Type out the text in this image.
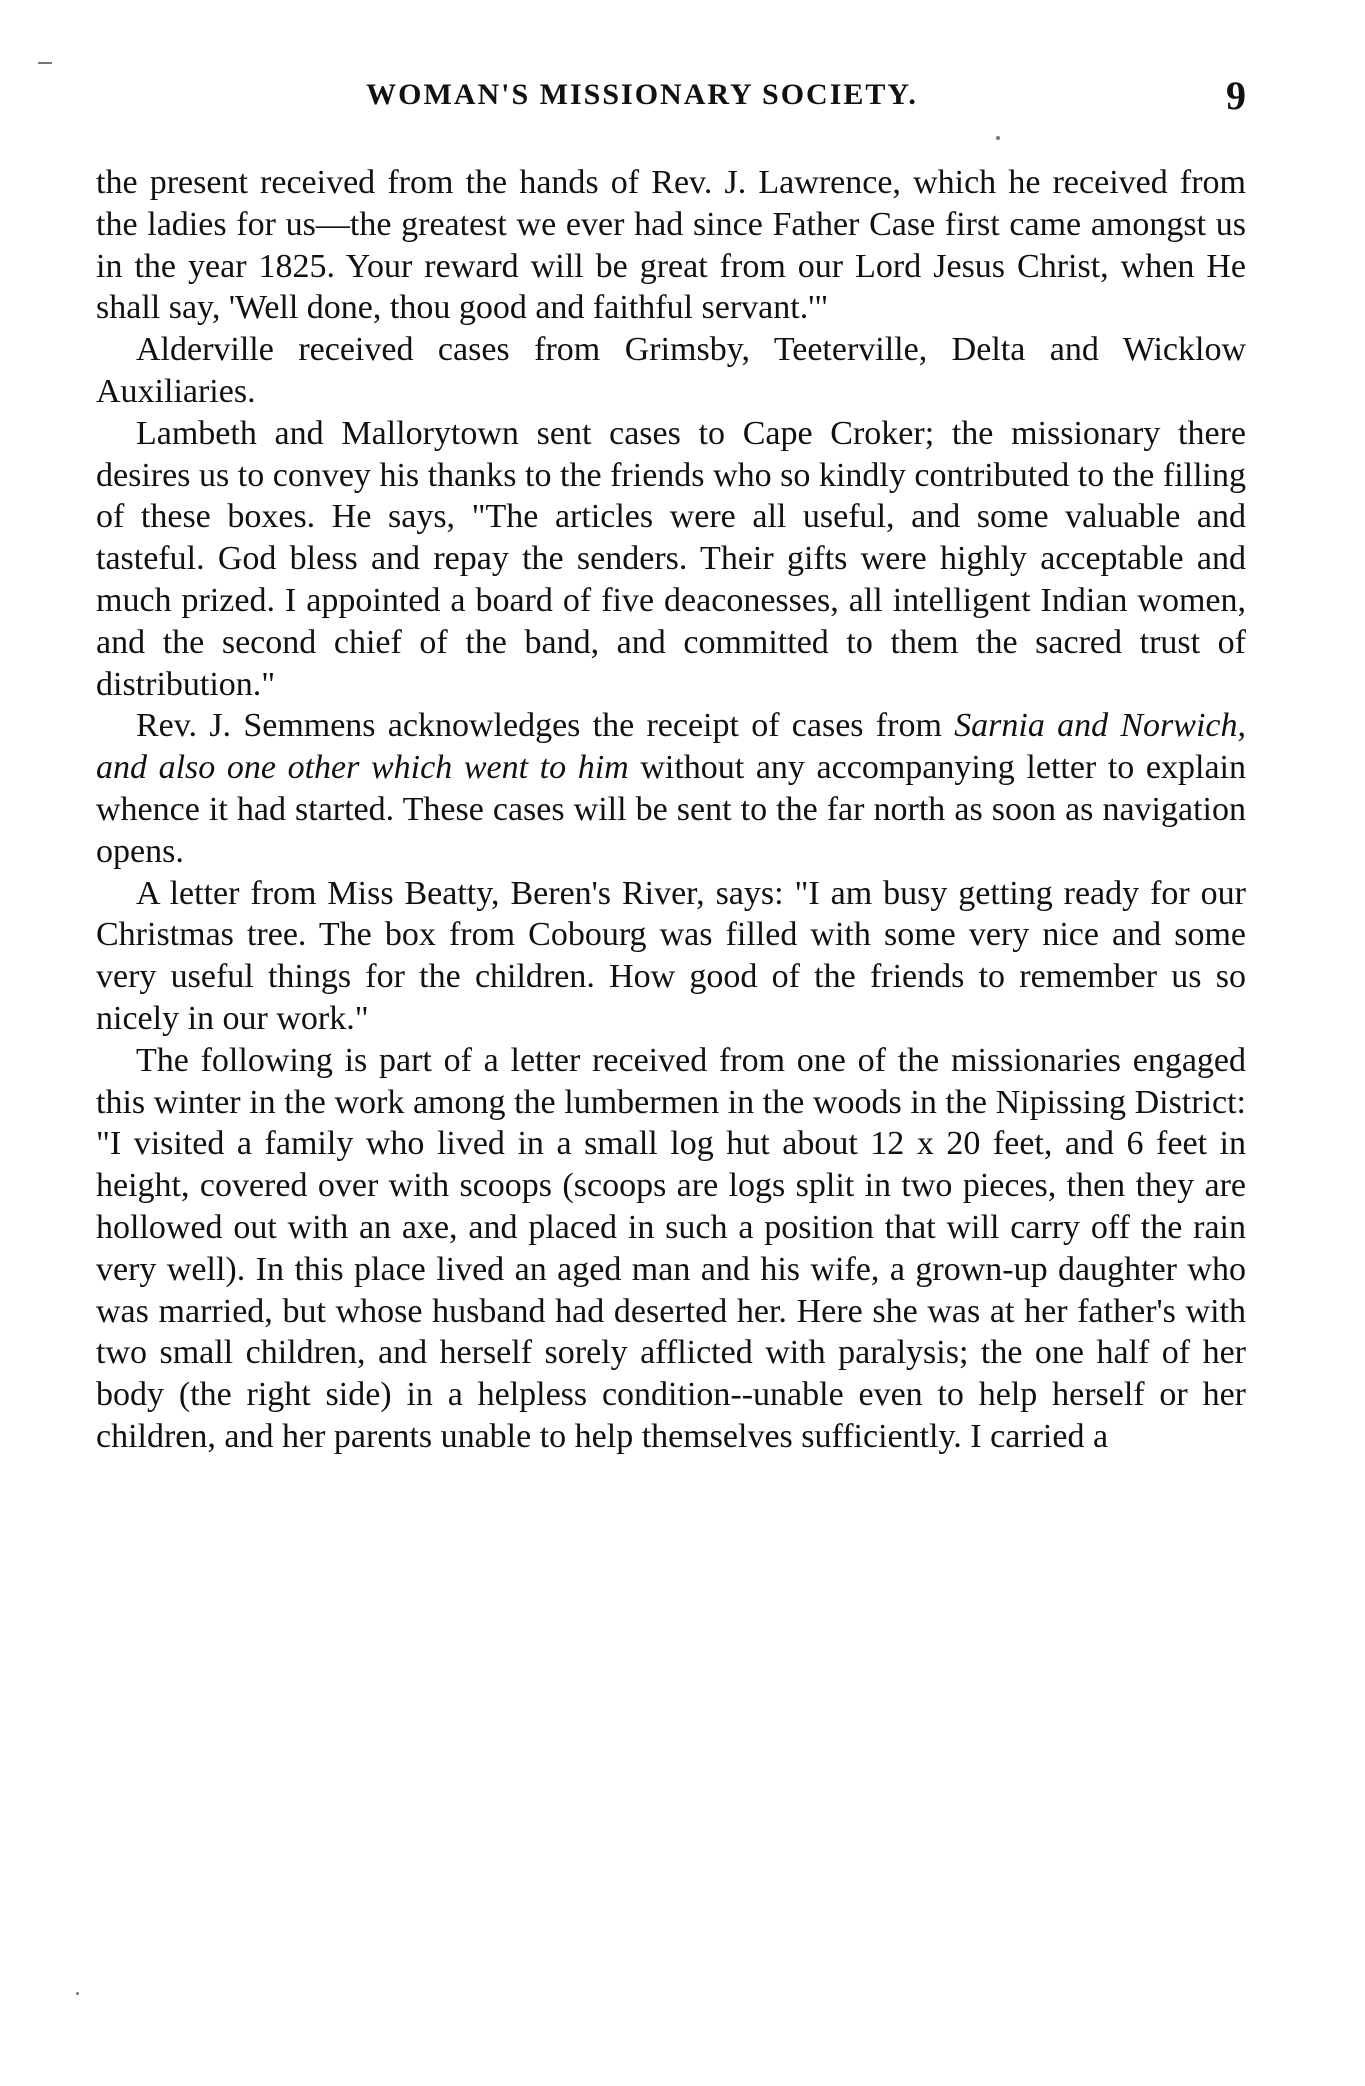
WOMAN'S MISSIONARY SOCIETY.	9

the present received from the hands of Rev. J. Lawrence, which he received from the ladies for us—the greatest we ever had since Father Case first came amongst us in the year 1825. Your reward will be great from our Lord Jesus Christ, when He shall say, 'Well done, thou good and faithful servant.'"

Alderville received cases from Grimsby, Teeterville, Delta and Wicklow Auxiliaries.

Lambeth and Mallorytown sent cases to Cape Croker; the missionary there desires us to convey his thanks to the friends who so kindly contributed to the filling of these boxes. He says, "The articles were all useful, and some valuable and tasteful. God bless and repay the senders. Their gifts were highly acceptable and much prized. I appointed a board of five deaconesses, all intelligent Indian women, and the second chief of the band, and committed to them the sacred trust of distribution."

Rev. J. Semmens acknowledges the receipt of cases from Sarnia and Norwich, and also one other which went to him without any accompanying letter to explain whence it had started. These cases will be sent to the far north as soon as navigation opens.

A letter from Miss Beatty, Beren's River, says: "I am busy getting ready for our Christmas tree. The box from Cobourg was filled with some very nice and some very useful things for the children. How good of the friends to remember us so nicely in our work."

The following is part of a letter received from one of the missionaries engaged this winter in the work among the lumbermen in the woods in the Nipissing District: "I visited a family who lived in a small log hut about 12 x 20 feet, and 6 feet in height, covered over with scoops (scoops are logs split in two pieces, then they are hollowed out with an axe, and placed in such a position that will carry off the rain very well). In this place lived an aged man and his wife, a grown-up daughter who was married, but whose husband had deserted her. Here she was at her father's with two small children, and herself sorely afflicted with paralysis; the one half of her body (the right side) in a helpless condition--unable even to help herself or her children, and her parents unable to help themselves sufficiently. I carried a
